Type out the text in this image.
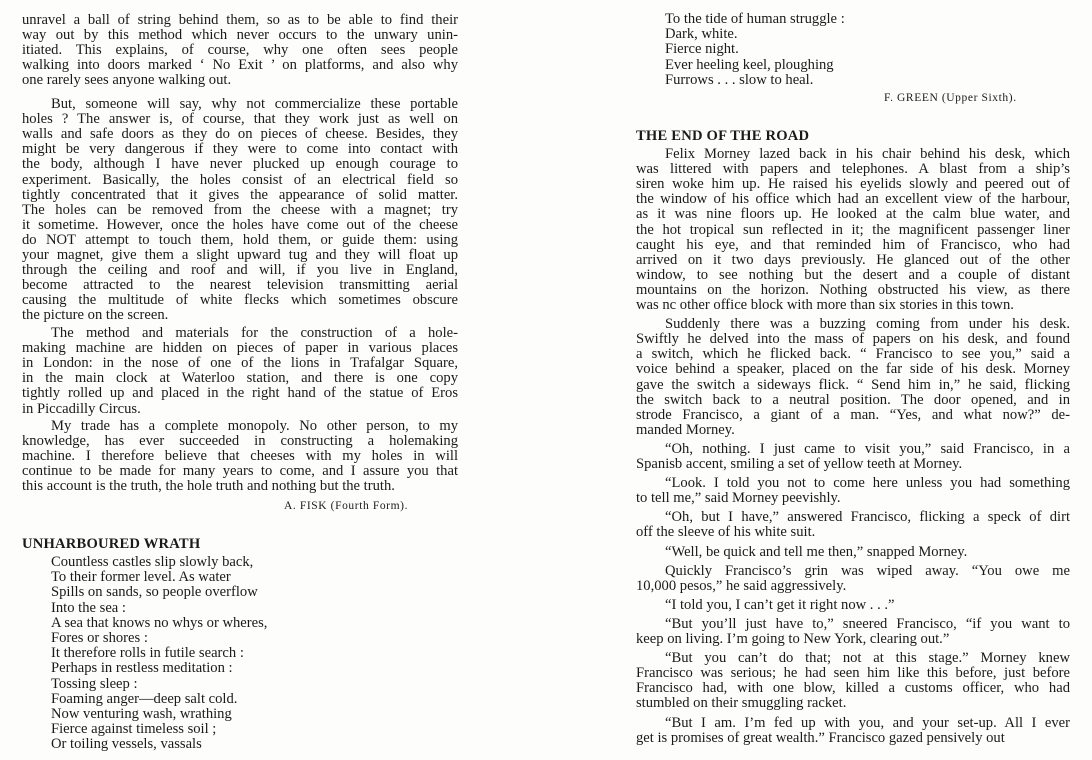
unravel a ball of string behind them, so as to be able to find their
way out by this method which never occurs to the unwary unin-
itiated. This explains, of course, why one often sees people
walking into doors marked ‘ No Exit ’ on platforms, and also why
one rarely sees anyone walking out.
But, someone will say, why not commercialize these portable
holes ? The answer is, of course, that they work just as well on
walls and safe doors as they do on pieces of cheese. Besides, they
might be very dangerous if they were to come into contact with
the body, although I have never plucked up enough courage to
experiment. Basically, the holes consist of an electrical field so
tightly concentrated that it gives the appearance of solid matter.
The holes can be removed from the cheese with a magnet; try
it sometime. However, once the holes have come out of the cheese
do NOT attempt to touch them, hold them, or guide them: using
your magnet, give them a slight upward tug and they will float up
through the ceiling and roof and will, if you live in England,
become attracted to the nearest television transmitting aerial
causing the multitude of white flecks which sometimes obscure
the picture on the screen.
The method and materials for the construction of a hole-
making machine are hidden on pieces of paper in various places
in London: in the nose of one of the lions in Trafalgar Square,
in the main clock at Waterloo station, and there is one copy
tightly rolled up and placed in the right hand of the statue of Eros
in Piccadilly Circus.
My trade has a complete monopoly. No other person, to my
knowledge, has ever succeeded in constructing a holemaking
machine. I therefore believe that cheeses with my holes in will
continue to be made for many years to come, and I assure you that
this account is the truth, the hole truth and nothing but the truth.
A. FISK (Fourth Form).
UNHARBOURED WRATH
Countless castles slip slowly back,
To their former level. As water
Spills on sands, so people overflow
Into the sea :
A sea that knows no whys or wheres,
Fores or shores :
It therefore rolls in futile search :
Perhaps in restless meditation :
Tossing sleep :
Foaming anger—deep salt cold.
Now venturing wash, wrathing
Fierce against timeless soil ;
Or toiling vessels, vassals
To the tide of human struggle :
Dark, white.
Fierce night.
Ever heeling keel, ploughing
Furrows . . . slow to heal.
F. GREEN (Upper Sixth).
THE END OF THE ROAD
Felix Morney lazed back in his chair behind his desk, which
was littered with papers and telephones. A blast from a ship’s
siren woke him up. He raised his eyelids slowly and peered out of
the window of his office which had an excellent view of the harbour,
as it was nine floors up. He looked at the calm blue water, and
the hot tropical sun reflected in it; the magnificent passenger liner
caught his eye, and that reminded him of Francisco, who had
arrived on it two days previously. He glanced out of the other
window, to see nothing but the desert and a couple of distant
mountains on the horizon. Nothing obstructed his view, as there
was nc other office block with more than six stories in this town.
Suddenly there was a buzzing coming from under his desk.
Swiftly he delved into the mass of papers on his desk, and found
a switch, which he flicked back. “ Francisco to see you,” said a
voice behind a speaker, placed on the far side of his desk. Morney
gave the switch a sideways flick. “ Send him in,” he said, flicking
the switch back to a neutral position. The door opened, and in
strode Francisco, a giant of a man. “Yes, and what now?” de-
manded Morney.
“Oh, nothing. I just came to visit you,” said Francisco, in a
Spanisb accent, smiling a set of yellow teeth at Morney.
“Look. I told you not to come here unless you had something
to tell me,” said Morney peevishly.
“Oh, but I have,” answered Francisco, flicking a speck of dirt
off the sleeve of his white suit.
“Well, be quick and tell me then,” snapped Morney.
Quickly Francisco’s grin was wiped away. “You owe me
10,000 pesos,” he said aggressively.
“I told you, I can’t get it right now . . .”
“But you’ll just have to,” sneered Francisco, “if you want to
keep on living. I’m going to New York, clearing out.”
“But you can’t do that; not at this stage.” Morney knew
Francisco was serious; he had seen him like this before, just before
Francisco had, with one blow, killed a customs officer, who had
stumbled on their smuggling racket.
“But I am. I’m fed up with you, and your set-up. All I ever
get is promises of great wealth.” Francisco gazed pensively out
